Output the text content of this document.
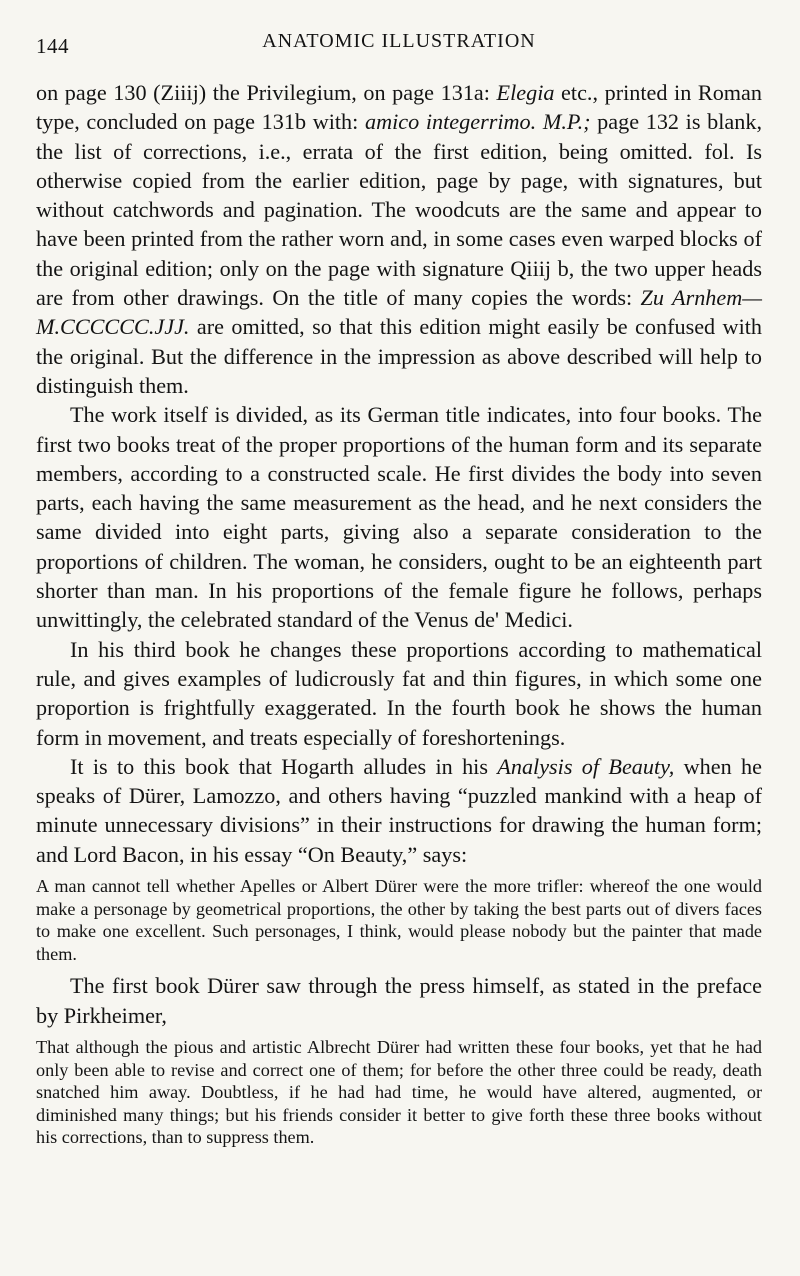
144	ANATOMIC ILLUSTRATION

on page 130 (Ziiij) the Privilegium, on page 131a: Elegia etc., printed in Roman type, concluded on page 131b with: amico integerrimo. M.P.; page 132 is blank, the list of corrections, i.e., errata of the first edition, being omitted. fol. Is otherwise copied from the earlier edition, page by page, with signatures, but without catchwords and pagination. The woodcuts are the same and appear to have been printed from the rather worn and, in some cases even warped blocks of the original edition; only on the page with signature Qiiij b, the two upper heads are from other drawings. On the title of many copies the words: Zu Arnhem—M.CCCCCC.JJJ. are omitted, so that this edition might easily be confused with the original. But the difference in the impression as above described will help to distinguish them.

The work itself is divided, as its German title indicates, into four books. The first two books treat of the proper proportions of the human form and its separate members, according to a constructed scale. He first divides the body into seven parts, each having the same measurement as the head, and he next considers the same divided into eight parts, giving also a separate consideration to the proportions of children. The woman, he considers, ought to be an eighteenth part shorter than man. In his proportions of the female figure he follows, perhaps unwittingly, the celebrated standard of the Venus de' Medici.

In his third book he changes these proportions according to mathematical rule, and gives examples of ludicrously fat and thin figures, in which some one proportion is frightfully exaggerated. In the fourth book he shows the human form in movement, and treats especially of foreshortenings.

It is to this book that Hogarth alludes in his Analysis of Beauty, when he speaks of Dürer, Lamozzo, and others having “puzzled mankind with a heap of minute unnecessary divisions” in their instructions for drawing the human form; and Lord Bacon, in his essay “On Beauty,” says:

A man cannot tell whether Apelles or Albert Dürer were the more trifler: whereof the one would make a personage by geometrical proportions, the other by taking the best parts out of divers faces to make one excellent. Such personages, I think, would please nobody but the painter that made them.

The first book Dürer saw through the press himself, as stated in the preface by Pirkheimer,

That although the pious and artistic Albrecht Dürer had written these four books, yet that he had only been able to revise and correct one of them; for before the other three could be ready, death snatched him away. Doubtless, if he had had time, he would have altered, augmented, or diminished many things; but his friends consider it better to give forth these three books without his corrections, than to suppress them.
